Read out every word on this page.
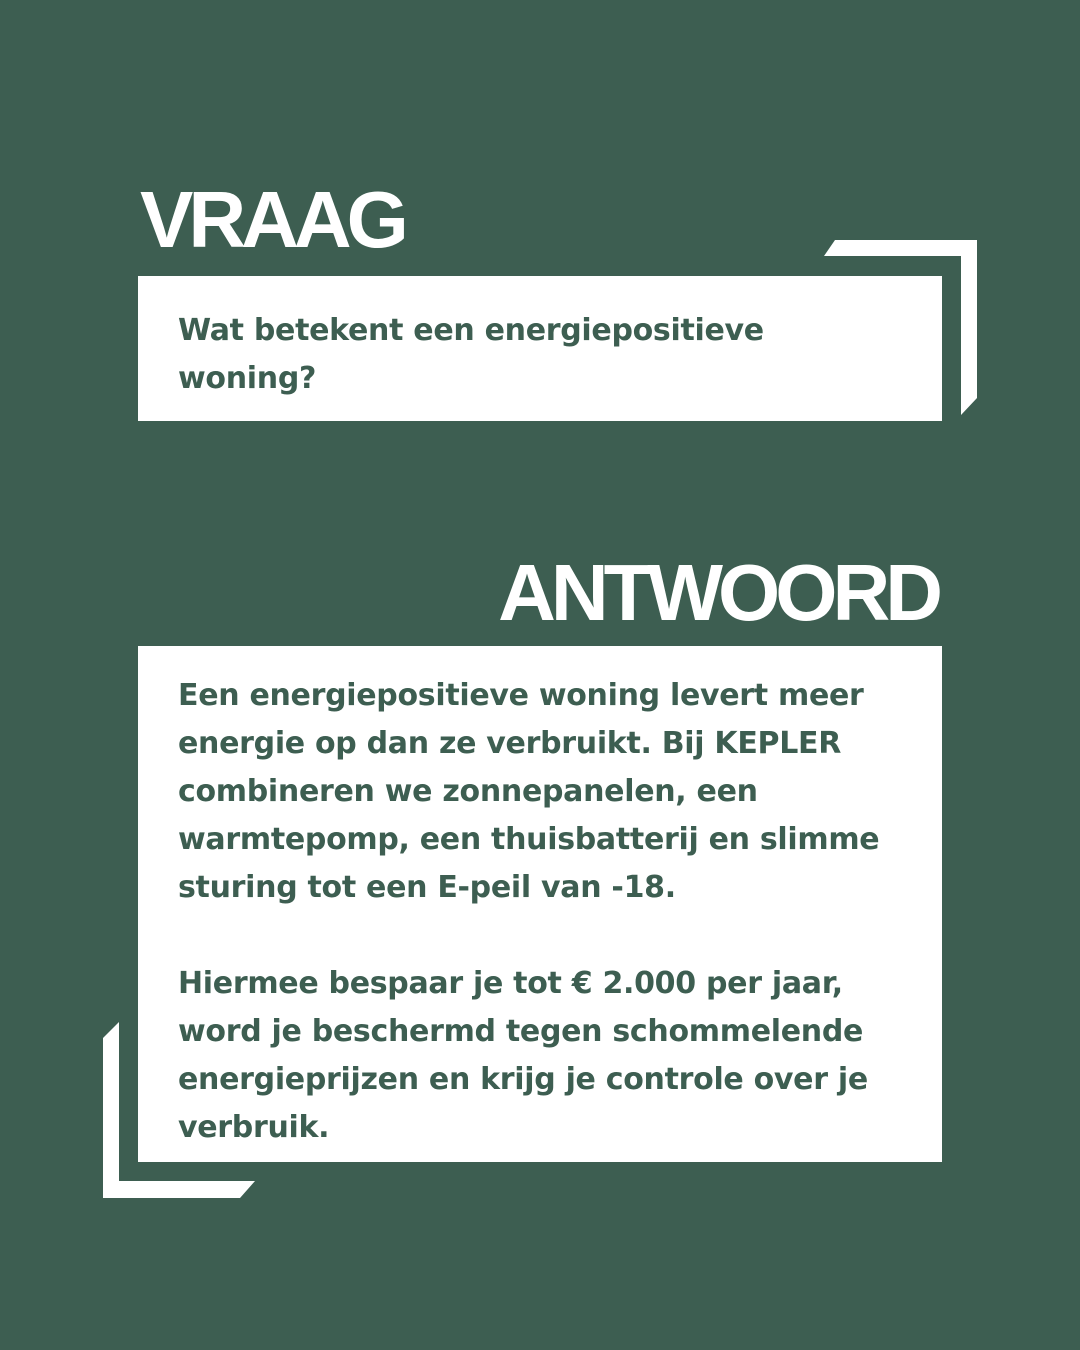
VRAAG

Wat betekent een energiepositieve woning?

ANTWOORD

Een energiepositieve woning levert meer energie op dan ze verbruikt. Bij KEPLER combineren we zonnepanelen, een warmtepomp, een thuisbatterij en slimme sturing tot een E-peil van -18.

Hiermee bespaar je tot € 2.000 per jaar, word je beschermd tegen schommelende energieprijzen en krijg je controle over je verbruik.
